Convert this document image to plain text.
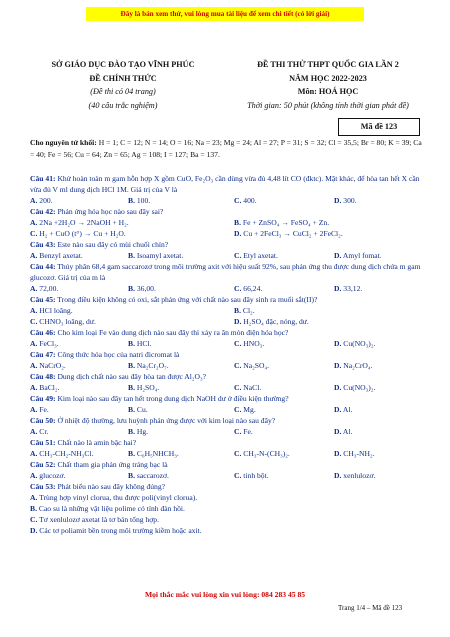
Đây là bản xem thử, vui lòng mua tài liệu để xem chi tiết (có lời giải)
SỞ GIÁO DỤC ĐÀO TẠO VĨNH PHÚC
ĐỀ CHÍNH THỨC
(Đề thi có 04 trang)
(40 câu trắc nghiệm)
ĐỀ THI THỬ THPT QUỐC GIA LẦN 2
NĂM HỌC 2022-2023
Môn: HOÁ HỌC
Thời gian: 50 phút (không tính thời gian phát đề)
Mã đề 123
Cho nguyên tử khối: H = 1; C = 12; N = 14; O = 16; Na = 23; Mg = 24; Al = 27; P = 31; S = 32; Cl = 35,5; Br = 80; K = 39; Ca = 40; Fe = 56; Cu = 64; Zn = 65; Ag = 108; I = 127; Ba = 137.
Câu 41: Khử hoàn toàn m gam hỗn hợp X gồm CuO, Fe₂O₃ cần dùng vừa đủ 4,48 lít CO (đktc). Mặt khác, để hòa tan hết X cần vừa đủ V ml dung dịch HCl 1M. Giá trị của V là
A. 200.	B. 100.	C. 400.	D. 300.
Câu 42: Phản ứng hóa học nào sau đây sai?
A. 2Na +2H₂O → 2NaOH + H₂.	B. Fe + ZnSO₄ → FeSO₄ + Zn.
C. H₂ + CuO (t°) → Cu + H₂O.	D. Cu + 2FeCl₃ → CuCl₂ + 2FeCl₂.
Câu 43: Este nào sau đây có mùi chuối chín?
A. Benzyl axetat.	B. Isoamyl axetat.	C. Etyl axetat.	D. Amyl fomat.
Câu 44: Thủy phân 68,4 gam saccarozơ trong môi trường axit với hiệu suất 92%, sau phản ứng thu được dung dịch chứa m gam glucozơ. Giá trị của m là
A. 72,00.	B. 36,00.	C. 66,24.	D. 33,12.
Câu 45: Trong điều kiện không có oxi, sắt phản ứng với chất nào sau đây sinh ra muối sắt(II)?
A. HCl loãng.	B. Cl₂.
C. CHNO₃ loãng, dư.	D. H₂SO₄ đặc, nóng, dư.
Câu 46: Cho kim loại Fe vào dung dịch nào sau đây thì xảy ra ăn mòn điện hóa học?
A. FeCl₃.	B. HCl.	C. HNO₃.	D. Cu(NO₃)₂.
Câu 47: Công thức hóa học của natri đicromat là
A. NaCrO₂.	B. Na₂Cr₂O₇.	C. Na₂SO₄.	D. Na₂CrO₄.
Câu 48: Dung dịch chất nào sau đây hòa tan được Al₂O₃?
A. BaCl₂.	B. H₂SO₄.	C. NaCl.	D. Cu(NO₃)₂.
Câu 49: Kim loại nào sau đây tan hết trong dung dịch NaOH dư ở điều kiện thường?
A. Fe.	B. Cu.	C. Mg.	D. Al.
Câu 50: Ở nhiệt độ thường, lưu huỳnh phản ứng được với kim loại nào sau đây?
A. Cr.	B. Hg.	C. Fe.	D. Al.
Câu 51: Chất nào là amin bậc hai?
A. CH₃-CH₂-NH₃Cl.	B. C₆H₅NHCH₃.	C. CH₃-N-(CH₃)₂.	D. CH₃-NH₂.
Câu 52: Chất tham gia phản ứng tráng bạc là
A. glucozơ.	B. saccarozơ.	C. tinh bột.	D. xenlulozơ.
Câu 53: Phát biểu nào sau đây không đúng?
A. Trùng hợp vinyl clorua, thu được poli(vinyl clorua).
B. Cao su là những vật liệu polime có tính đàn hồi.
C. Tơ xenlulozơ axetat là tơ bán tổng hợp.
D. Các tơ poliamit bền trong môi trường kiềm hoặc axit.
Mọi thắc mắc vui lòng xin vui lòng: 084 283 45 85
Trang 1/4 – Mã đề 123
